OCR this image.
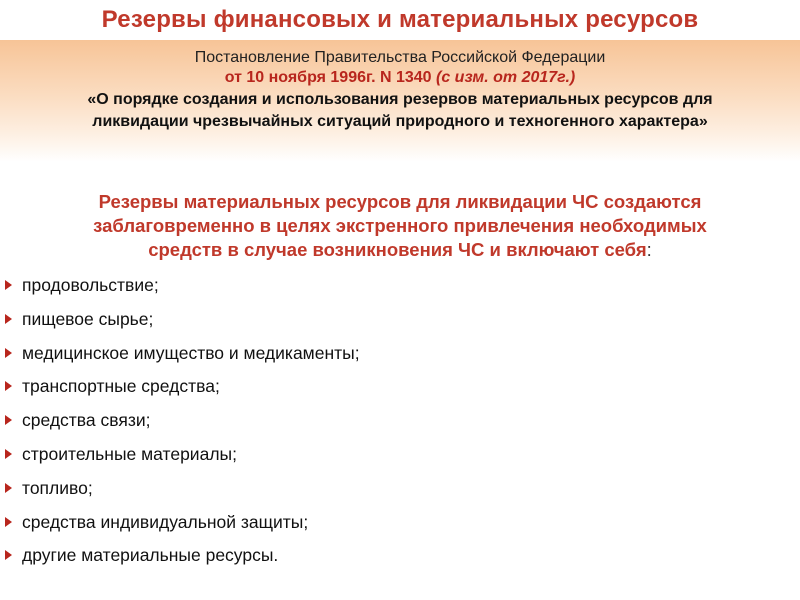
Резервы финансовых и материальных ресурсов
Постановление Правительства Российской Федерации
от 10 ноября 1996г. N 1340 (с изм. от 2017г.)
«О порядке создания и использования резервов материальных ресурсов для
ликвидации чрезвычайных ситуаций природного и техногенного характера»
Резервы материальных ресурсов для ликвидации ЧС создаются
заблаговременно в целях экстренного привлечения необходимых
средств в случае возникновения ЧС и включают себя:
продовольствие;
пищевое сырье;
медицинское имущество и медикаменты;
транспортные средства;
средства связи;
строительные материалы;
топливо;
средства индивидуальной защиты;
другие материальные ресурсы.
